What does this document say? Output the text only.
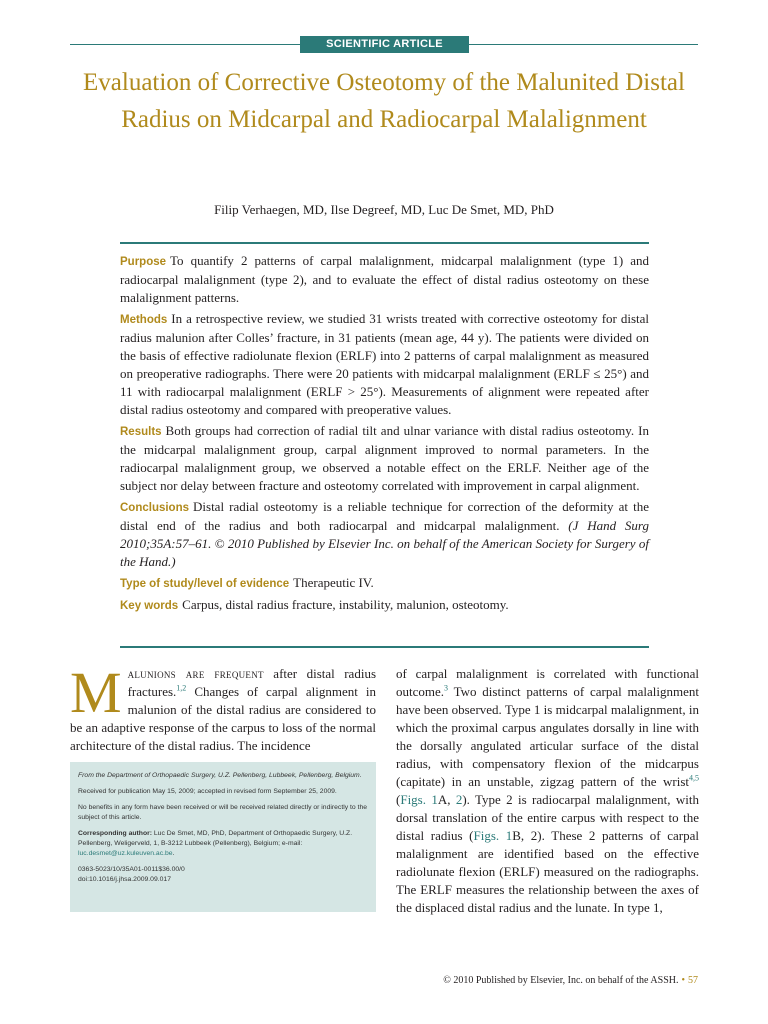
SCIENTIFIC ARTICLE
Evaluation of Corrective Osteotomy of the Malunited Distal Radius on Midcarpal and Radiocarpal Malalignment
Filip Verhaegen, MD, Ilse Degreef, MD, Luc De Smet, MD, PhD

Purpose To quantify 2 patterns of carpal malalignment, midcarpal malalignment (type 1) and radiocarpal malalignment (type 2), and to evaluate the effect of distal radius osteotomy on these malalignment patterns.

Methods In a retrospective review, we studied 31 wrists treated with corrective osteotomy for distal radius malunion after Colles’ fracture, in 31 patients (mean age, 44 y). The patients were divided on the basis of effective radiolunate flexion (ERLF) into 2 patterns of carpal malalignment as measured on preoperative radiographs. There were 20 patients with midcarpal malalignment (ERLF ≤ 25°) and 11 with radiocarpal malalignment (ERLF > 25°). Measurements of alignment were repeated after distal radius osteotomy and compared with preoperative values.

Results Both groups had correction of radial tilt and ulnar variance with distal radius osteotomy. In the midcarpal malalignment group, carpal alignment improved to normal parameters. In the radiocarpal malalignment group, we observed a notable effect on the ERLF. Neither age of the subject nor delay between fracture and osteotomy correlated with improvement in carpal alignment.

Conclusions Distal radial osteotomy is a reliable technique for correction of the deformity at the distal end of the radius and both radiocarpal and midcarpal malalignment. (J Hand Surg 2010;35A:57–61. © 2010 Published by Elsevier Inc. on behalf of the American Society for Surgery of the Hand.)

Type of study/level of evidence Therapeutic IV.

Key words Carpus, distal radius fracture, instability, malunion, osteotomy.

Malunions are frequent after distal radius fractures.$^{1,2}$ Changes of carpal alignment in malunion of the distal radius are considered to be an adaptive response of the carpus to loss of the normal architecture of the distal radius. The incidence

From the Department of Orthopaedic Surgery, U.Z. Pellenberg, Lubbeek, Pellenberg, Belgium.

Received for publication May 15, 2009; accepted in revised form September 25, 2009.

No benefits in any form have been received or will be received related directly or indirectly to the subject of this article.

Corresponding author: Luc De Smet, MD, PhD, Department of Orthopaedic Surgery, U.Z. Pellenberg, Weligerveld, 1, B-3212 Lubbeek (Pellenberg), Belgium; e-mail: luc.desmet@uz.kuleuven.ac.be.

0363-5023/10/35A01-0011$36.00/0

doi:10.1016/j.jhsa.2009.09.017

of carpal malalignment is correlated with functional outcome.$^3$ Two distinct patterns of carpal malalignment have been observed. Type 1 is midcarpal malalignment, in which the proximal carpus angulates dorsally in line with the dorsally angulated articular surface of the distal radius, with compensatory flexion of the midcarpus (capitate) in an unstable, zigzag pattern of the wrist$^{4,5}$ (Figs. 1A, 2). Type 2 is radiocarpal malalignment, with dorsal translation of the entire carpus with respect to the distal radius (Figs. 1B, 2). These 2 patterns of carpal malalignment are identified based on the effective radiolunate flexion (ERLF) measured on the radiographs. The ERLF measures the relationship between the axes of the displaced distal radius and the lunate. In type 1,

© 2010 Published by Elsevier, Inc. on behalf of the ASSH. • 57
